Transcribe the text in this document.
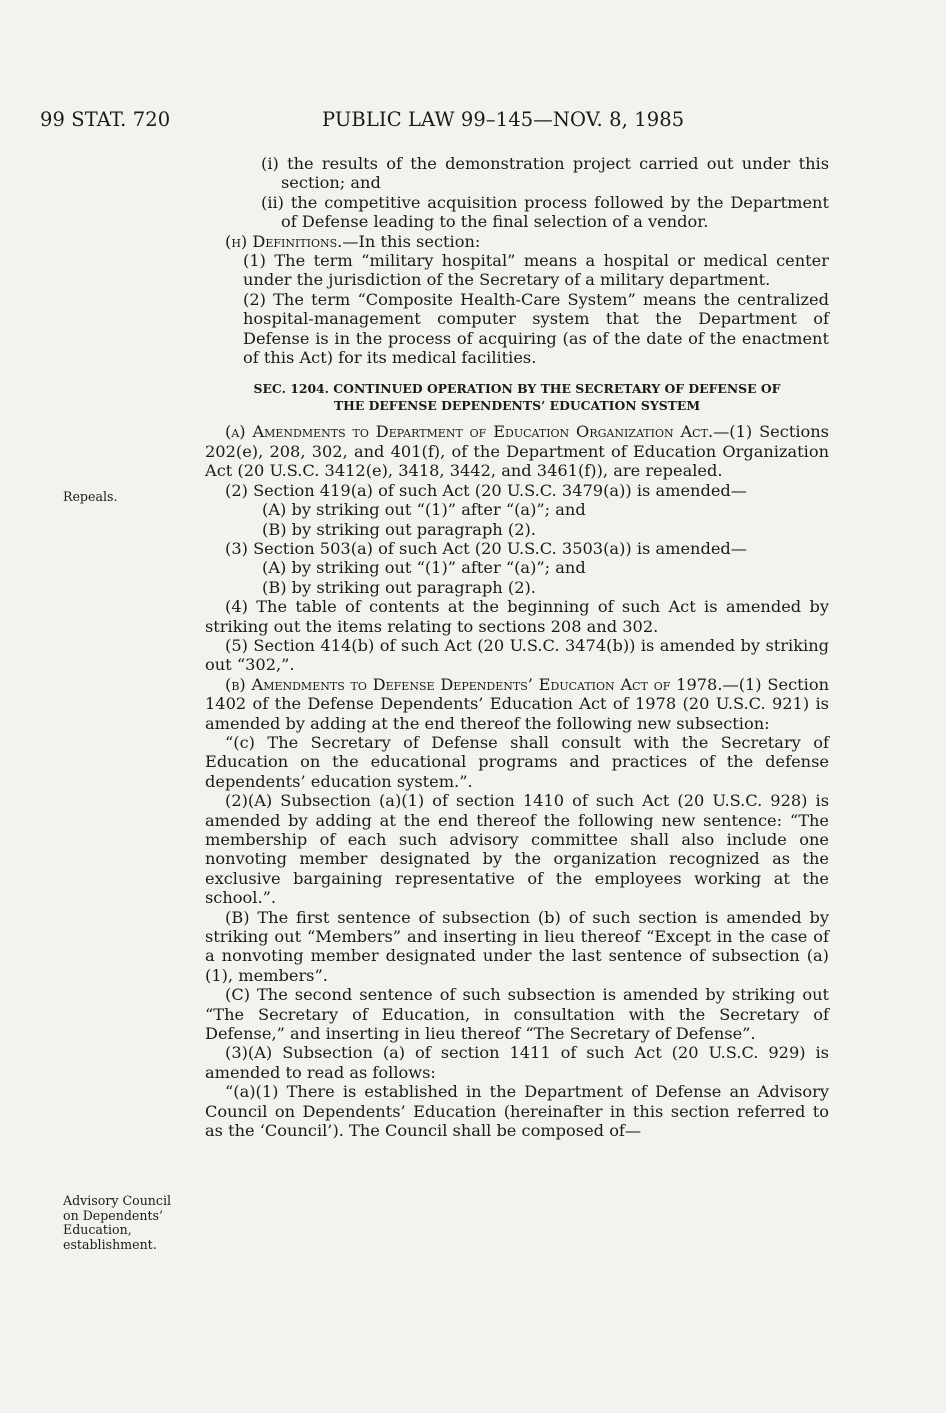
99 STAT. 720	PUBLIC LAW 99–145—NOV. 8, 1985
Repeals.
Advisory Council
on Dependents’
Education,
establishment.

(i) the results of the demonstration project carried out under this section; and

(ii) the competitive acquisition process followed by the Department of Defense leading to the final selection of a vendor.

(h) Definitions.—In this section:

(1) The term “military hospital” means a hospital or medical center under the jurisdiction of the Secretary of a military department.

(2) The term “Composite Health-Care System” means the centralized hospital-management computer system that the Department of Defense is in the process of acquiring (as of the date of the enactment of this Act) for its medical facilities.

SEC. 1204. CONTINUED OPERATION BY THE SECRETARY OF DEFENSE OF
THE DEFENSE DEPENDENTS’ EDUCATION SYSTEM

(a) Amendments to Department of Education Organization Act.—(1) Sections 202(e), 208, 302, and 401(f), of the Department of Education Organization Act (20 U.S.C. 3412(e), 3418, 3442, and 3461(f)), are repealed.

(2) Section 419(a) of such Act (20 U.S.C. 3479(a)) is amended—

(A) by striking out “(1)” after “(a)”; and

(B) by striking out paragraph (2).

(3) Section 503(a) of such Act (20 U.S.C. 3503(a)) is amended—

(A) by striking out “(1)” after “(a)”; and

(B) by striking out paragraph (2).

(4) The table of contents at the beginning of such Act is amended by striking out the items relating to sections 208 and 302.

(5) Section 414(b) of such Act (20 U.S.C. 3474(b)) is amended by striking out “302,”.

(b) Amendments to Defense Dependents’ Education Act of 1978.—(1) Section 1402 of the Defense Dependents’ Education Act of 1978 (20 U.S.C. 921) is amended by adding at the end thereof the following new subsection:

“(c) The Secretary of Defense shall consult with the Secretary of Education on the educational programs and practices of the defense dependents’ education system.”.

(2)(A) Subsection (a)(1) of section 1410 of such Act (20 U.S.C. 928) is amended by adding at the end thereof the following new sentence: “The membership of each such advisory committee shall also include one nonvoting member designated by the organization recognized as the exclusive bargaining representative of the employees working at the school.”.

(B) The first sentence of subsection (b) of such section is amended by striking out “Members” and inserting in lieu thereof “Except in the case of a nonvoting member designated under the last sentence of subsection (a)(1), members”.

(C) The second sentence of such subsection is amended by striking out “The Secretary of Education, in consultation with the Secretary of Defense,” and inserting in lieu thereof “The Secretary of Defense”.

(3)(A) Subsection (a) of section 1411 of such Act (20 U.S.C. 929) is amended to read as follows:

“(a)(1) There is established in the Department of Defense an Advisory Council on Dependents’ Education (hereinafter in this section referred to as the ‘Council’). The Council shall be composed of—
